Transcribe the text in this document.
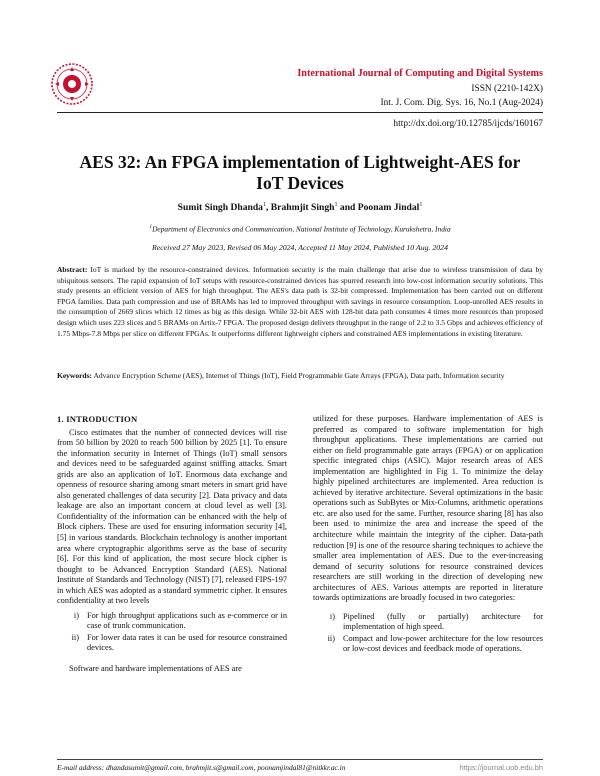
International Journal of Computing and Digital Systems
ISSN (2210-142X)
Int. J. Com. Dig. Sys. 16, No.1 (Aug-2024)
http://dx.doi.org/10.12785/ijcds/160167
AES 32: An FPGA implementation of Lightweight-AES for
IoT Devices
Sumit Singh Dhanda$^1$, Brahmjit Singh$^1$ and Poonam Jindal$^1$
$^1$Department of Electronics and Communication, National Institute of Technology, Kurukshetra, India
Received 27 May 2023, Revised 06 May 2024, Accepted 11 May 2024, Published 10 Aug. 2024
Abstract: IoT is marked by the resource-constrained devices. Information security is the main challenge that arise due to wireless transmission of data by ubiquitous sensors. The rapid expansion of IoT setups with resource-constrained devices has spurred research into low-cost information security solutions. This study presents an efficient version of AES for high throughput. The AES's data path is 32-bit compressed. Implementation has been carried out on different FPGA families. Data path compression and use of BRAMs has led to improved throughput with savings in resource consumption. Loop-unrolled AES results in the consumption of 2669 slices which 12 times as big as this design. While 32-bit AES with 128-bit data path consumes 4 times more resources than proposed design which uses 223 slices and 5 BRAMs on Artix-7 FPGA. The proposed design delivers throughput in the range of 2.2 to 3.5 Gbps and achieves efficiency of 1.75 Mbps-7.8 Mbps per slice on different FPGAs. It outperforms different lightweight ciphers and constrained AES implementations in existing literature.
Keywords: Advance Encryption Scheme (AES), Internet of Things (IoT), Field Programmable Gate Arrays (FPGA), Data path, Information security
1. INTRODUCTION

Cisco estimates that the number of connected devices will rise from 50 billion by 2020 to reach 500 billion by 2025 [1]. To ensure the information security in Internet of Things (IoT) small sensors and devices need to be safeguarded against sniffing attacks. Smart grids are also an application of IoT. Enormous data exchange and openness of resource sharing among smart meters in smart grid have also generated challenges of data security [2]. Data privacy and data leakage are also an important concern at cloud level as well [3]. Confidentiality of the information can be enhanced with the help of Block ciphers. These are used for ensuring information security [4], [5] in various standards. Blockchain technology is another important area where cryptographic algorithms serve as the base of security [6]. For this kind of application, the most secure block cipher is thought to be Advanced Encryption Standard (AES). National Institute of Standards and Technology (NIST) [7], released FIPS-197 in which AES was adopted as a standard symmetric cipher. It ensures confidentiality at two levels

i) For high throughput applications such as e-commerce or in case of trunk communication.
ii) For lower data rates it can be used for resource constrained devices.

Software and hardware implementations of AES are

utilized for these purposes. Hardware implementation of AES is preferred as compared to software implementation for high throughput applications. These implementations are carried out either on field programmable gate arrays (FPGA) or on application specific integrated chips (ASIC). Major research areas of AES implementation are highlighted in Fig 1. To minimize the delay highly pipelined architectures are implemented. Area reduction is achieved by iterative architecture. Several optimizations in the basic operations such as SubBytes or Mix-Columns, arithmetic operations etc. are also used for the same. Further, resource sharing [8] has also been used to minimize the area and increase the speed of the architecture while maintain the integrity of the cipher. Data-path reduction [9] is one of the resource sharing techniques to achieve the smaller area implementation of AES. Due to the ever-increasing demand of security solutions for resource constrained devices researchers are still working in the direction of developing new architectures of AES. Various attempts are reported in literature towards optimizations are broadly focused in two categories:

i) Pipelined (fully or partially) architecture for implementation of high speed.
ii) Compact and low-power architecture for the low resources or low-cost devices and feedback mode of operations.
E-mail address: dhandasumit@gmail.com, brahmjit.s@gmail.com, poonamjindal81@nitkkr.ac.in	https://journal.uob.edu.bh
